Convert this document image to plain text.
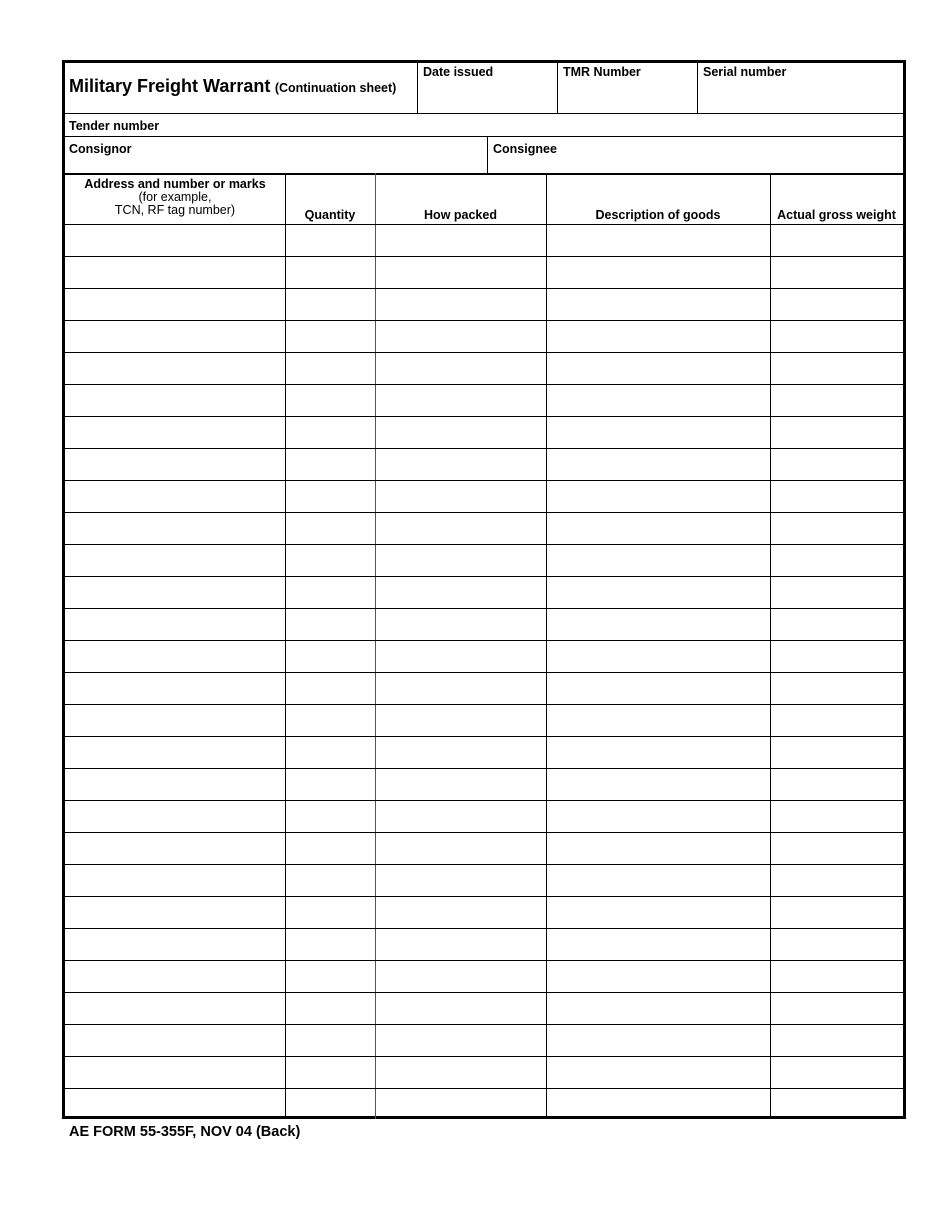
Military Freight Warrant (Continuation sheet)
Date issued	TMR Number	Serial number
Tender number
Consignor	Consignee
Address and number or marks
(for example,
TCN, RF tag number)	Quantity	How packed	Description of goods	Actual gross weight
AE FORM 55-355F, NOV 04 (Back)
